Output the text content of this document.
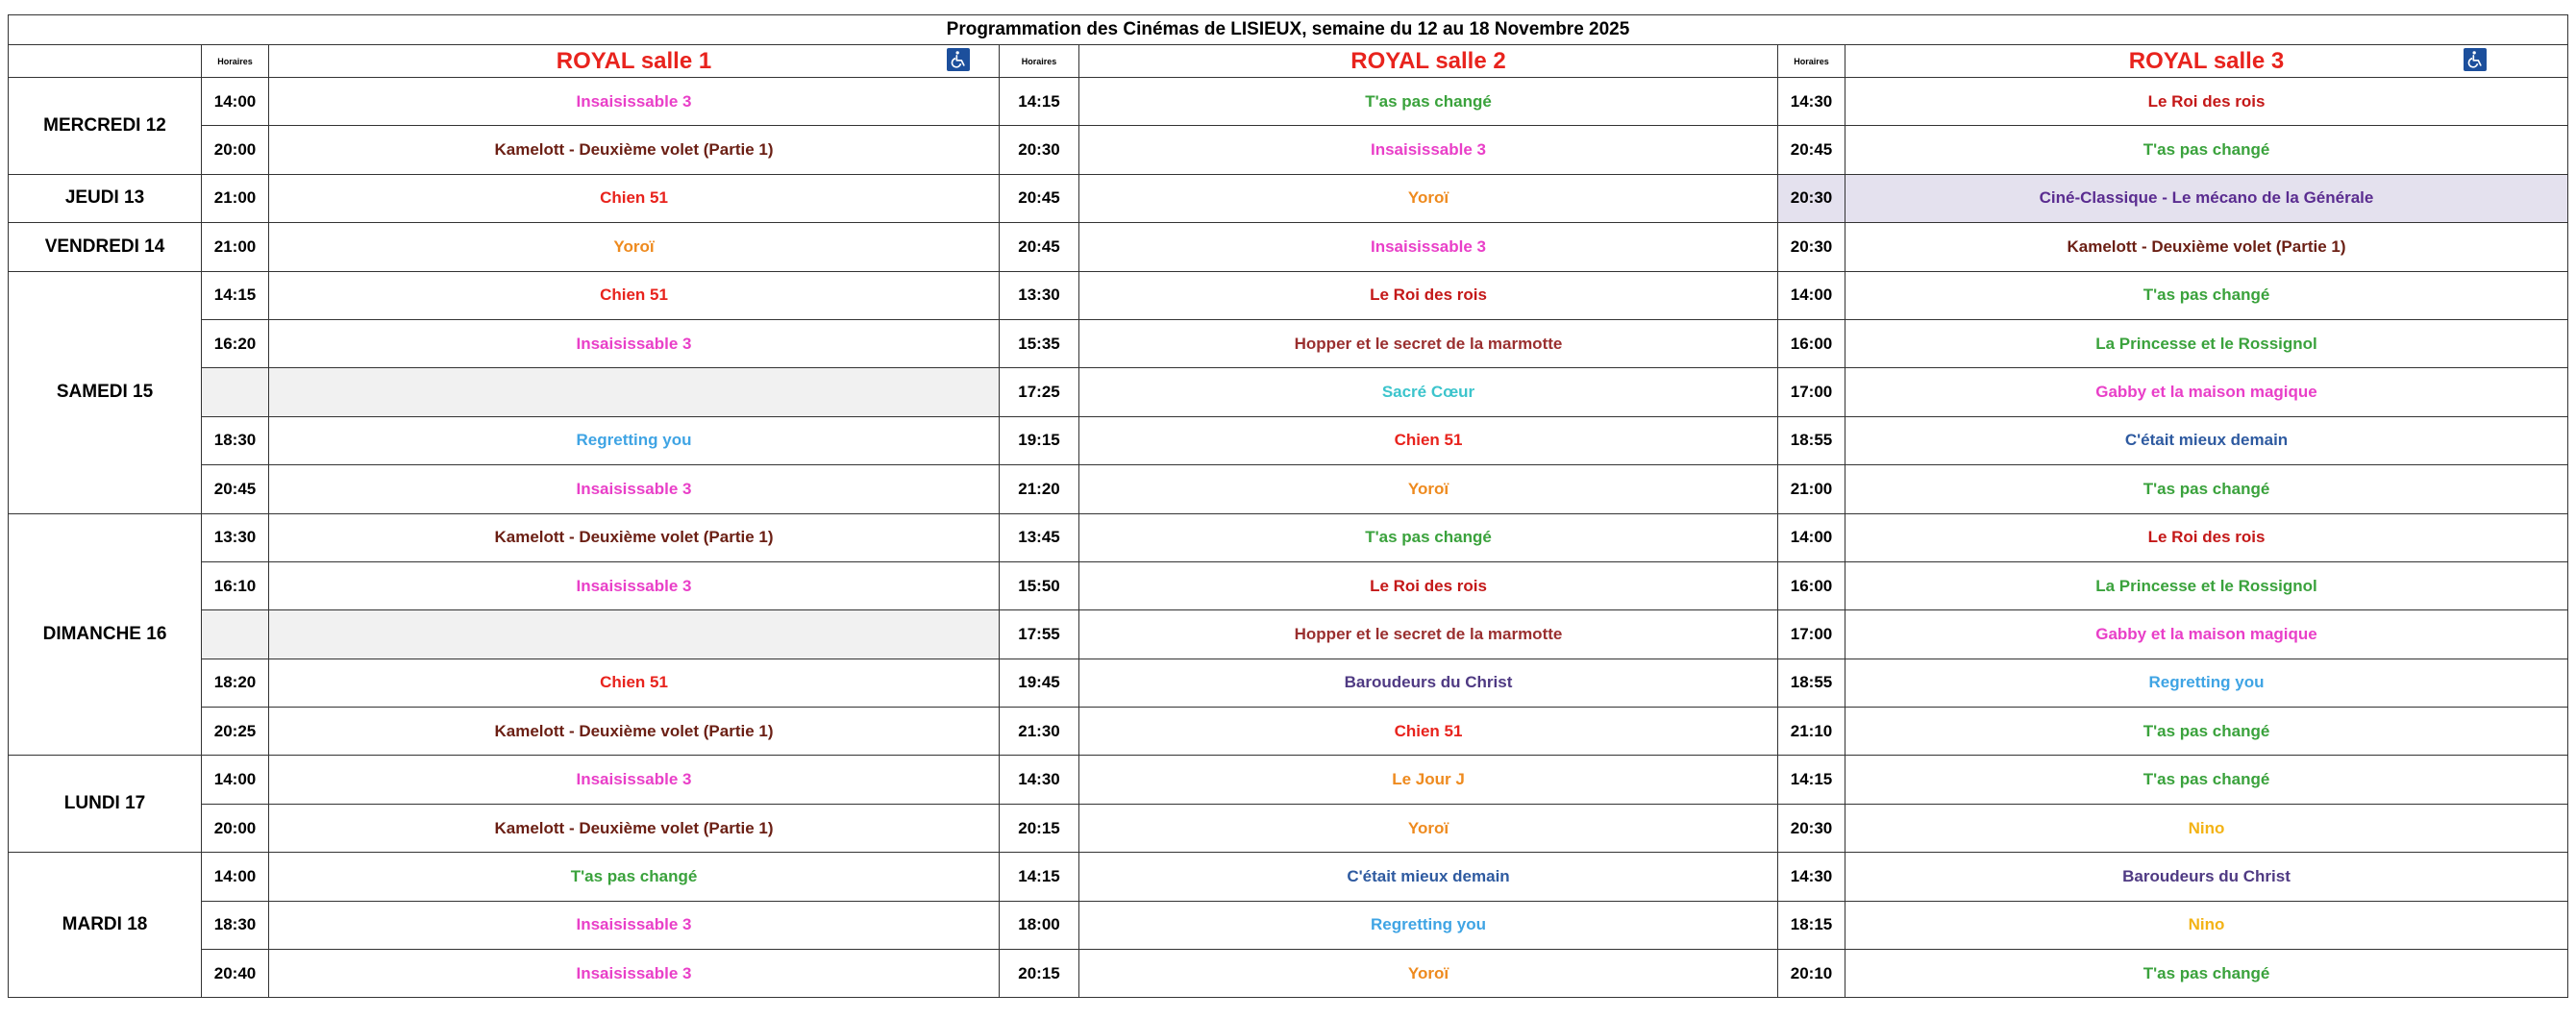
Programmation des Cinémas de LISIEUX, semaine du 12 au 18 Novembre 2025						
	Horaires	ROYAL salle 1	Horaires	ROYAL salle 2	Horaires	ROYAL salle 3

MERCREDI 12	14:00	Insaisissable 3	14:15	T'as pas changé	14:30	Le Roi des rois
	20:00	Kamelott - Deuxième volet (Partie 1)	20:30	Insaisissable 3	20:45	T'as pas changé
JEUDI 13	21:00	Chien 51	20:45	Yoroï	20:30	Ciné-Classique - Le mécano de la Générale
VENDREDI 14	21:00	Yoroï	20:45	Insaisissable 3	20:30	Kamelott - Deuxième volet (Partie 1)
SAMEDI 15	14:15	Chien 51	13:30	Le Roi des rois	14:00	T'as pas changé
	16:20	Insaisissable 3	15:35	Hopper et le secret de la marmotte	16:00	La Princesse et le Rossignol
			17:25	Sacré Cœur	17:00	Gabby et la maison magique
	18:30	Regretting you	19:15	Chien 51	18:55	C'était mieux demain
	20:45	Insaisissable 3	21:20	Yoroï	21:00	T'as pas changé
DIMANCHE 16	13:30	Kamelott - Deuxième volet (Partie 1)	13:45	T'as pas changé	14:00	Le Roi des rois
	16:10	Insaisissable 3	15:50	Le Roi des rois	16:00	La Princesse et le Rossignol
			17:55	Hopper et le secret de la marmotte	17:00	Gabby et la maison magique
	18:20	Chien 51	19:45	Baroudeurs du Christ	18:55	Regretting you
	20:25	Kamelott - Deuxième volet (Partie 1)	21:30	Chien 51	21:10	T'as pas changé
LUNDI 17	14:00	Insaisissable 3	14:30	Le Jour J	14:15	T'as pas changé
	20:00	Kamelott - Deuxième volet (Partie 1)	20:15	Yoroï	20:30	Nino
MARDI 18	14:00	T'as pas changé	14:15	C'était mieux demain	14:30	Baroudeurs du Christ
	18:30	Insaisissable 3	18:00	Regretting you	18:15	Nino
	20:40	Insaisissable 3	20:15	Yoroï	20:10	T'as pas changé
